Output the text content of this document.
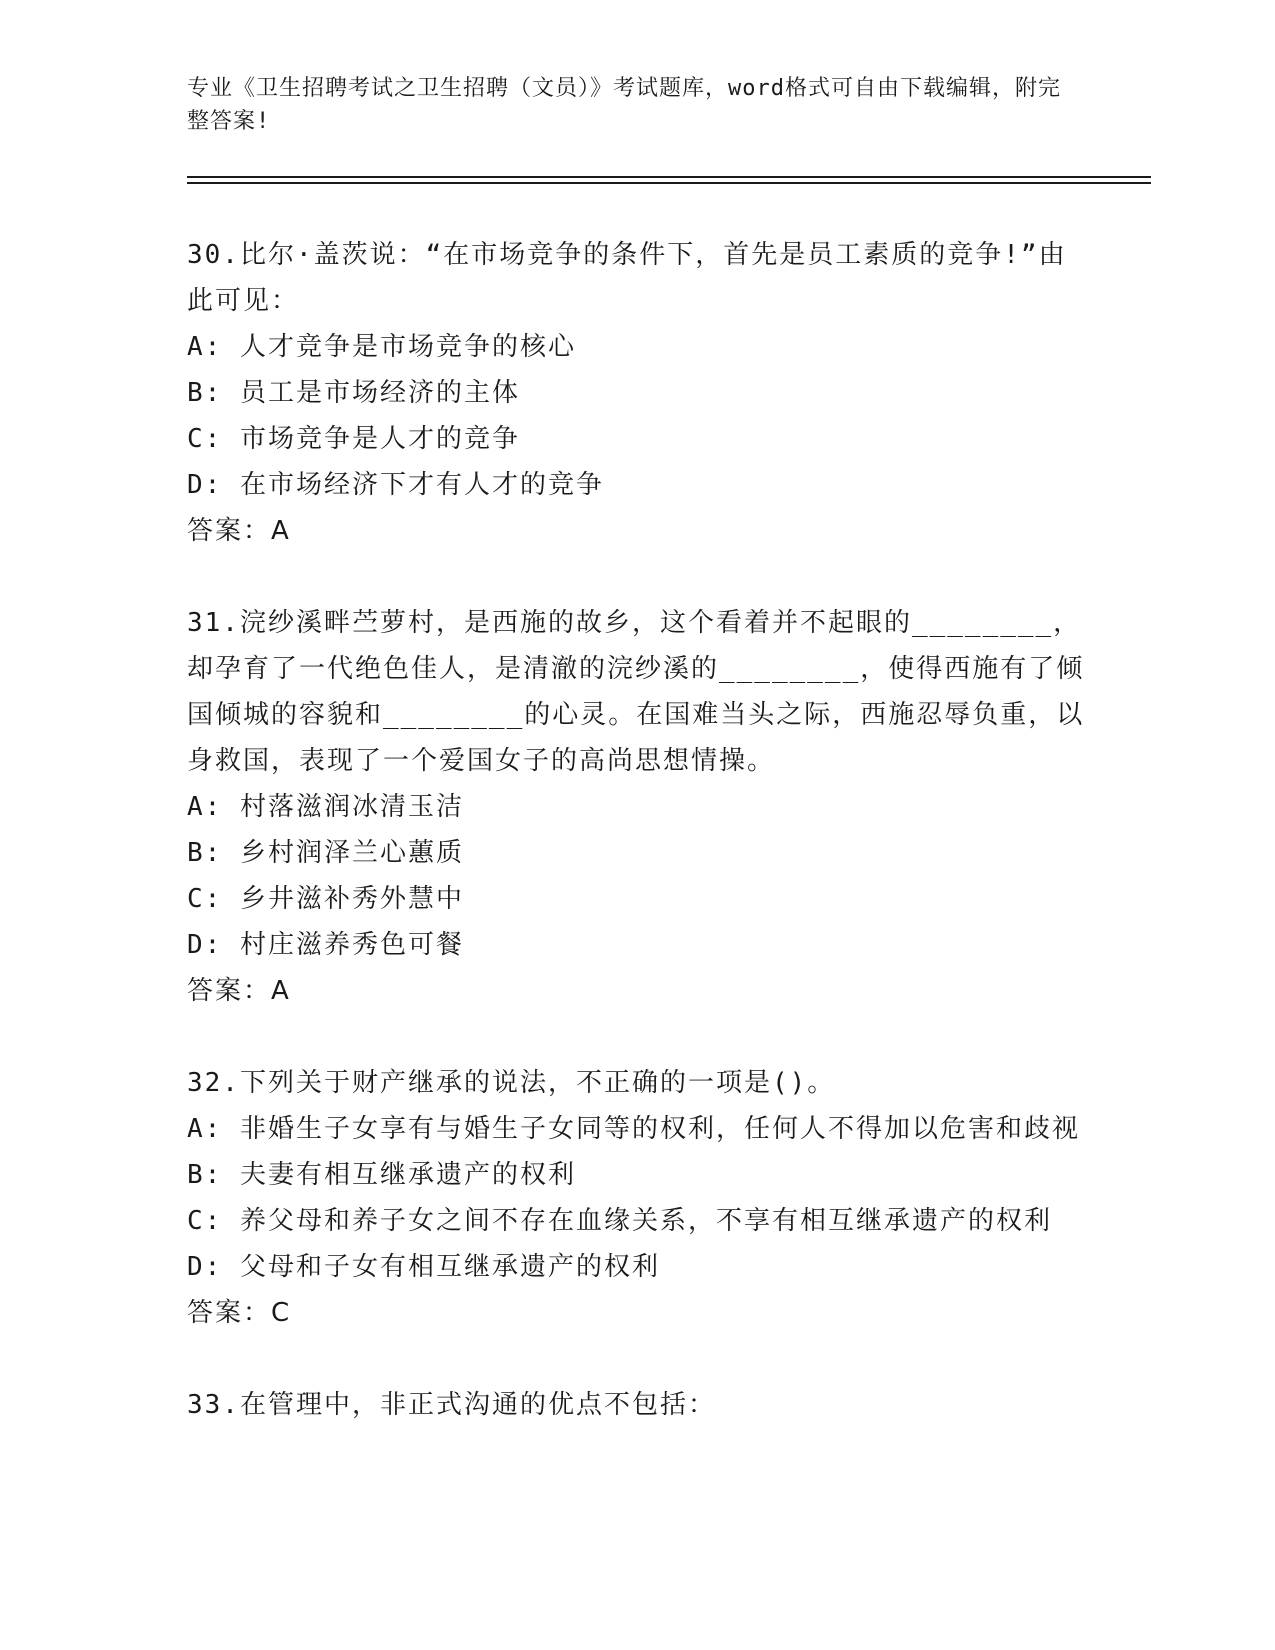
专业《卫生招聘考试之卫生招聘（文员）》考试题库，word格式可自由下载编辑，附完整答案!
30.比尔·盖茨说：“在市场竞争的条件下，首先是员工素质的竞争!”由此可见：
A: 人才竞争是市场竞争的核心
B: 员工是市场经济的主体
C: 市场竞争是人才的竞争
D: 在市场经济下才有人才的竞争
答案：A
31.浣纱溪畔苎萝村，是西施的故乡，这个看着并不起眼的________，却孕育了一代绝色佳人，是清澈的浣纱溪的________，使得西施有了倾国倾城的容貌和________的心灵。在国难当头之际，西施忍辱负重，以身救国，表现了一个爱国女子的高尚思想情操。
A: 村落滋润冰清玉洁
B: 乡村润泽兰心蕙质
C: 乡井滋补秀外慧中
D: 村庄滋养秀色可餐
答案：A
32.下列关于财产继承的说法，不正确的一项是()。
A: 非婚生子女享有与婚生子女同等的权利，任何人不得加以危害和歧视
B: 夫妻有相互继承遗产的权利
C: 养父母和养子女之间不存在血缘关系，不享有相互继承遗产的权利
D: 父母和子女有相互继承遗产的权利
答案：C
33.在管理中，非正式沟通的优点不包括：
